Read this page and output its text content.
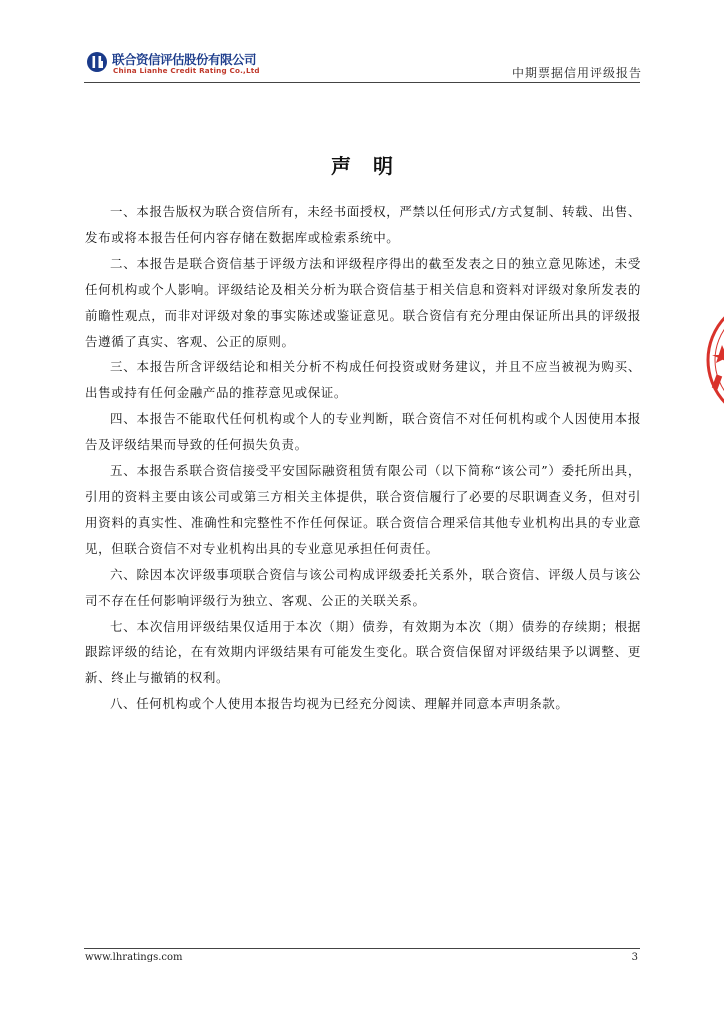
联合资信评估股份有限公司
China Lianhe Credit Rating Co.,Ltd	中期票据信用评级报告
声明

一、本报告版权为联合资信所有，未经书面授权，严禁以任何形式/方式复制、转载、出售、发布或将本报告任何内容存储在数据库或检索系统中。

二、本报告是联合资信基于评级方法和评级程序得出的截至发表之日的独立意见陈述，未受任何机构或个人影响。评级结论及相关分析为联合资信基于相关信息和资料对评级对象所发表的前瞻性观点，而非对评级对象的事实陈述或鉴证意见。联合资信有充分理由保证所出具的评级报告遵循了真实、客观、公正的原则。

三、本报告所含评级结论和相关分析不构成任何投资或财务建议，并且不应当被视为购买、出售或持有任何金融产品的推荐意见或保证。

四、本报告不能取代任何机构或个人的专业判断，联合资信不对任何机构或个人因使用本报告及评级结果而导致的任何损失负责。

五、本报告系联合资信接受平安国际融资租赁有限公司（以下简称“该公司”）委托所出具，引用的资料主要由该公司或第三方相关主体提供，联合资信履行了必要的尽职调查义务，但对引用资料的真实性、准确性和完整性不作任何保证。联合资信合理采信其他专业机构出具的专业意见，但联合资信不对专业机构出具的专业意见承担任何责任。

六、除因本次评级事项联合资信与该公司构成评级委托关系外，联合资信、评级人员与该公司不存在任何影响评级行为独立、客观、公正的关联关系。

七、本次信用评级结果仅适用于本次（期）债券，有效期为本次（期）债券的存续期；根据跟踪评级的结论，在有效期内评级结果有可能发生变化。联合资信保留对评级结果予以调整、更新、终止与撤销的权利。

八、任何机构或个人使用本报告均视为已经充分阅读、理解并同意本声明条款。

www.lhratings.com	3
